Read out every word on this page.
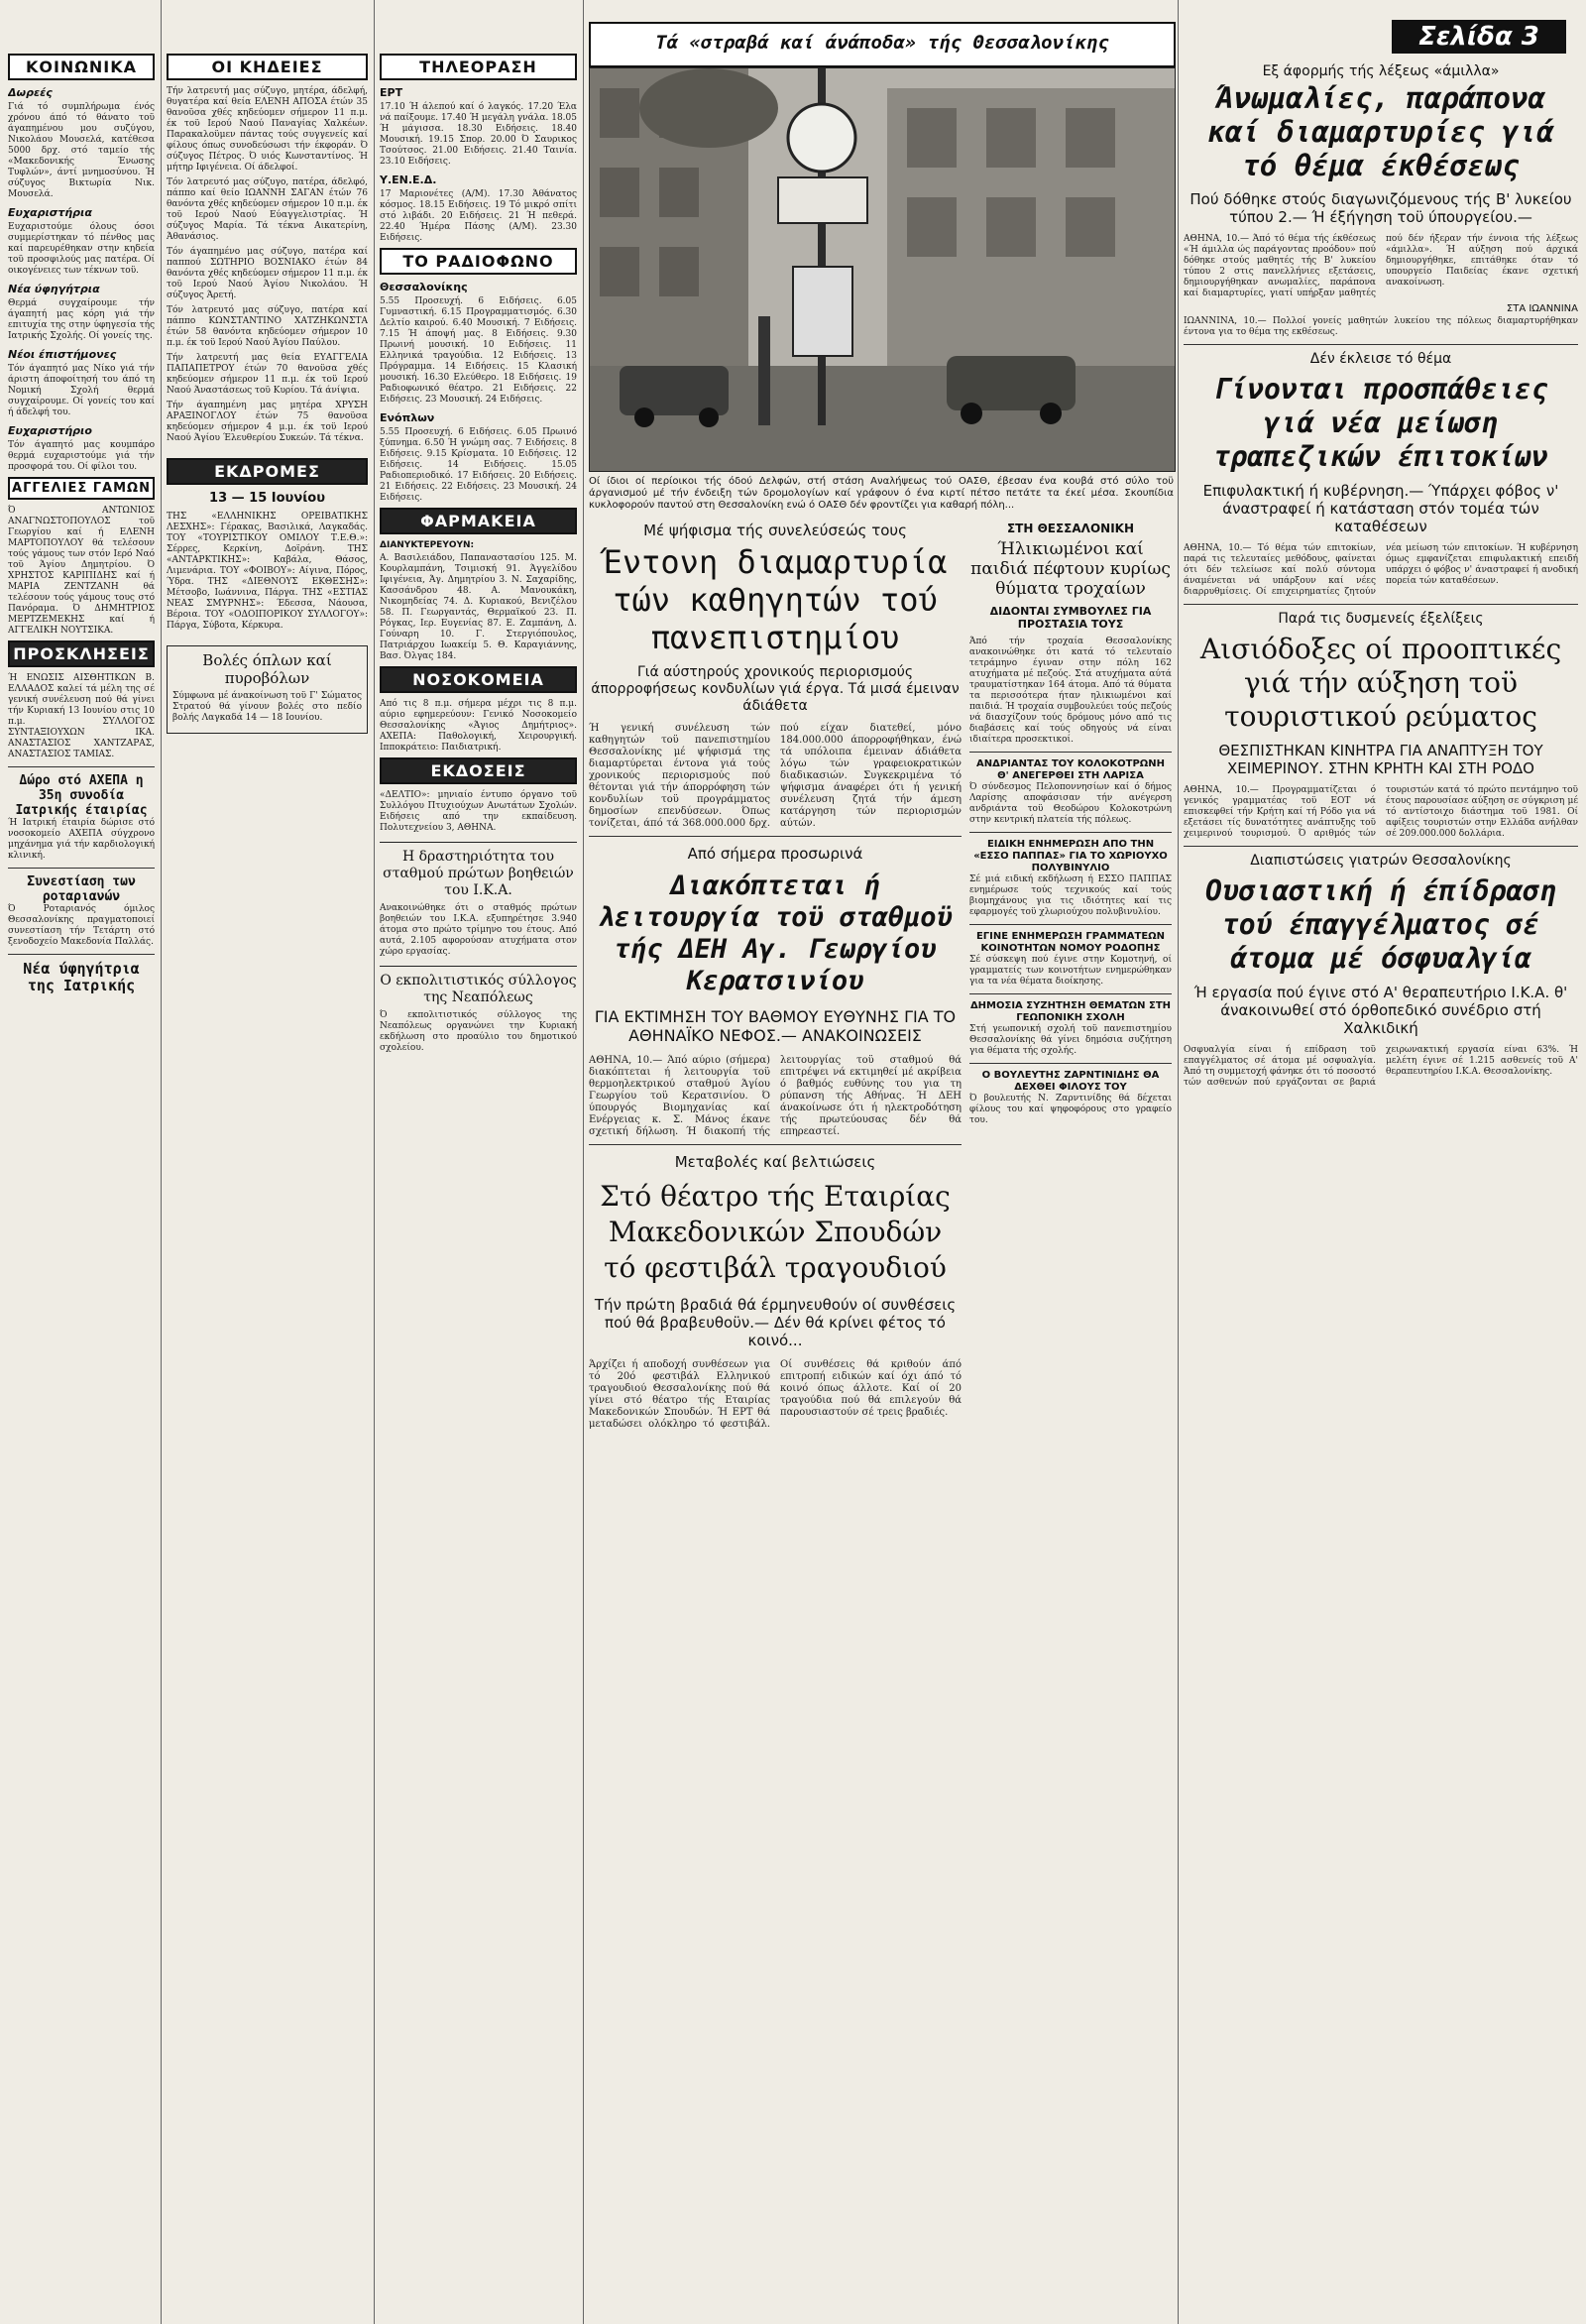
Σελίδα 3
ΚΟΙΝΩΝΙΚΑ
Δωρεές

Γιά τό συμπλήρωμα ένός χρόνου άπό τό θάνατο τοϋ άγαπημένου μου συζύγου, Νικολάου Μουσελά, κατέθεσα 5000 δρχ. στό ταμείο τής «Μακεδονικής Ένωσης Τυφλών», άντί μνημοσύνου. Ή σύζυγος Βικτωρία Νικ. Μουσελά.

Ευχαριστήρια

Ευχαριστούμε όλους όσοι συμμερίστηκαν τό πένθος μας καί παρευρέθηκαν στην κηδεία τοϋ προσφιλούς μας πατέρα. Οί οικογένειες των τέκνων τοϋ.

Νέα ύφηγήτρια

Θερμά συγχαίρουμε τήν άγαπητή μας κόρη γιά τήν επιτυχία της στην ύφηγεσία τής Ιατρικής Σχολής. Οί γονείς της.

Νέοι έπιστήμονες

Τόν άγαπητό μας Νίκο γιά τήν άριστη άποφοίτησή του άπό τη Νομική Σχολή θερμά συγχαίρουμε. Οί γονείς του καί ή άδελφή του.

Ευχαριστήριο

Τόν άγαπητό μας κουμπάρο θερμά ευχαριστούμε γιά τήν προσφορά του. Οί φίλοι του.

ΑΓΓΕΛΙΕΣ ΓΑΜΩΝ

Ό ΑΝΤΩΝΙΟΣ ΑΝΑΓΝΩΣΤΟΠΟΥΛΟΣ τοϋ Γεωργίου καί ή ΕΛΕΝΗ ΜΑΡΤΟΠΟΥΛΟΥ θά τελέσουν τούς γάμους των στόν Ιερό Ναό τοϋ Άγίου Δημητρίου. Ό ΧΡΗΣΤΟΣ ΚΑΡΙΠΙΔΗΣ καί ή ΜΑΡΙΑ ΖΕΝΤΖΑΝΗ θά τελέσουν τούς γάμους τους στό Πανόραμα. Ό ΔΗΜΗΤΡΙΟΣ ΜΕΡΤΖΕΜΕΚΗΣ καί ή ΑΓΓΕΛΙΚΗ ΝΟΥΤΣΙΚΑ.

ΠΡΟΣΚΛΗΣΕΙΣ

Ή ΕΝΩΣΙΣ ΑΙΣΘΗΤΙΚΩΝ Β. ΕΛΛΑΔΟΣ καλεί τά μέλη της σέ γενική συνέλευση πού θά γίνει τήν Κυριακή 13 Ιουνίου στις 10 π.μ. ΣΥΛΛΟΓΟΣ ΣΥΝΤΑΞΙΟΥΧΩΝ ΙΚΑ. ΑΝΑΣΤΑΣΙΟΣ ΧΑΝΤΖΑΡΑΣ, ΑΝΑΣΤΑΣΙΟΣ ΤΑΜΙΑΣ.

Δώρο στό ΑΧΕΠΑ η 35η συνοδία Ιατρικής έταιρίας

Ή Ιατρική έταιρία δώρισε στό νοσοκομείο ΑΧΕΠΑ σύγχρονο μηχάνημα γιά τήν καρδιολογική κλινική.

Συνεστίαση των ροταριανών

Ό Ροταριανός όμιλος Θεσσαλονίκης πραγματοποιεί συνεστίαση τήν Τετάρτη στό ξενοδοχείο Μακεδονία Παλλάς.

Νέα ύφηγήτρια της Ιατρικής
ΟΙ ΚΗΔΕΙΕΣ

Τήν λατρευτή μας σύζυγο, μητέρα, άδελφή, θυγατέρα καί θεία ΕΛΕΝΗ ΑΠΟΣΑ έτών 35 θανοϋσα χθές κηδεύομεν σήμερον 11 π.μ. έκ τοϋ Ιερού Ναού Παναγίας Χαλκέων. Παρακαλοϋμεν πάντας τούς συγγενείς καί φίλους όπως συνοδεύσωσι τήν έκφοράν. Ό σύζυγος Πέτρος. Ό υιός Κωνσταντίνος. Ή μήτηρ Ιφιγένεια. Οί άδελφοί.

Τόν λατρευτό μας σύζυγο, πατέρα, άδελφό, πάππο καί θείο ΙΩΑΝΝΗ ΣΑΓΑΝ έτών 76 θανόντα χθές κηδεύομεν σήμερον 10 π.μ. έκ τοϋ Ιερού Ναού Εύαγγελιστρίας. Ή σύζυγος Μαρία. Τά τέκνα Αικατερίνη, Άθανάσιος.

Τόν άγαπημένο μας σύζυγο, πατέρα καί παππού ΣΩΤΗΡΙΟ ΒΟΣΝΙΑΚΟ έτών 84 θανόντα χθές κηδεύομεν σήμερον 11 π.μ. έκ τοϋ Ιερού Ναού Άγίου Νικολάου. Ή σύζυγος Άρετή.

Τόν λατρευτό μας σύζυγο, πατέρα καί πάππο ΚΩΝΣΤΑΝΤΙΝΟ ΧΑΤΖΗΚΩΝΣΤΑ έτών 58 θανόντα κηδεύομεν σήμερον 10 π.μ. έκ τοϋ Ιερού Ναού Άγίου Παύλου.

Τήν λατρευτή μας θεία ΕΥΑΓΓΕΛΙΑ ΠΑΠΑΠΕΤΡΟΥ έτών 70 θανοϋσα χθές κηδεύομεν σήμερον 11 π.μ. έκ τοϋ Ιερού Ναού Άναστάσεως τοϋ Κυρίου. Τά άνίψια.

Τήν άγαπημένη μας μητέρα ΧΡΥΣΗ ΑΡΑΞΙΝΟΓΛΟΥ έτών 75 θανοϋσα κηδεύομεν σήμερον 4 μ.μ. έκ τοϋ Ιερού Ναού Άγίου Έλευθερίου Συκεών. Τά τέκνα.

ΕΚΔΡΟΜΕΣ
13 — 15 Ιουνίου

ΤΗΣ «ΕΛΛΗΝΙΚΗΣ ΟΡΕΙΒΑΤΙΚΗΣ ΛΕΣΧΗΣ»: Γέρακας, Βασιλικά, Λαγκαδάς. ΤΟΥ «ΤΟΥΡΙΣΤΙΚΟΥ ΟΜΙΛΟΥ Τ.Ε.Θ.»: Σέρρες, Κερκίνη, Δοϊράνη. ΤΗΣ «ΑΝΤΑΡΚΤΙΚΗΣ»: Καβάλα, Θάσος, Λιμενάρια. ΤΟΥ «ΦΟΙΒΟΥ»: Αίγινα, Πόρος, Ύδρα. ΤΗΣ «ΔΙΕΘΝΟΥΣ ΕΚΘΕΣΗΣ»: Μέτσοβο, Ιωάννινα, Πάργα. ΤΗΣ «ΕΣΤΙΑΣ ΝΕΑΣ ΣΜΥΡΝΗΣ»: Έδεσσα, Νάουσα, Βέροια. ΤΟΥ «ΟΔΟΙΠΟΡΙΚΟΥ ΣΥΛΛΟΓΟΥ»: Πάργα, Σύβοτα, Κέρκυρα.

Βολές όπλων καί πυροβόλων

Σύμφωνα μέ άνακοίνωση τοϋ Γ' Σώματος Στρατού θά γίνουν βολές στο πεδίο βολής Λαγκαδά 14 — 18 Ιουνίου.

ΤΗΛΕΟΡΑΣΗ
ΕΡΤ

17.10 Ή άλεπού καί ό λαγκός. 17.20 Έλα νά παίξουμε. 17.40 Ή μεγάλη γνάλα. 18.05 Ή μάγισσα. 18.30 Ειδήσεις. 18.40 Μουσική. 19.15 Σπορ. 20.00 Ό Σαυρικος Τσούτσος. 21.00 Ειδήσεις. 21.40 Ταινία. 23.10 Ειδήσεις.

Υ.ΕΝ.Ε.Δ.

17 Μαριονέτες (Α/Μ). 17.30 Άθάνατος κόσμος. 18.15 Ειδήσεις. 19 Τό μικρό σπίτι στό λιβάδι. 20 Ειδήσεις. 21 Ή πεθερά. 22.40 Ήμέρα Πάσης (Α/Μ). 23.30 Ειδήσεις.

ΤΟ ΡΑΔΙΟΦΩΝΟ
Θεσσαλονίκης

5.55 Προσευχή. 6 Ειδήσεις. 6.05 Γυμναστική. 6.15 Προγραμματισμός. 6.30 Δελτίο καιρού. 6.40 Μουσική. 7 Ειδήσεις. 7.15 Ή άποψή μας. 8 Ειδήσεις. 9.30 Πρωινή μουσική. 10 Ειδήσεις. 11 Ελληνικά τραγούδια. 12 Ειδήσεις. 13 Πρόγραμμα. 14 Ειδήσεις. 15 Κλασική μουσική. 16.30 Ελεύθερο. 18 Ειδήσεις. 19 Ραδιοφωνικό θέατρο. 21 Ειδήσεις. 22 Ειδήσεις. 23 Μουσική. 24 Ειδήσεις.

Ενόπλων

5.55 Προσευχή. 6 Ειδήσεις. 6.05 Πρωινό ξύπνημα. 6.50 Ή γνώμη σας. 7 Ειδήσεις. 8 Ειδήσεις. 9.15 Κρίσματα. 10 Ειδήσεις. 12 Ειδήσεις. 14 Ειδήσεις. 15.05 Ραδιοπεριοδικό. 17 Ειδήσεις. 20 Ειδήσεις. 21 Ειδήσεις. 22 Ειδήσεις. 23 Μουσική. 24 Ειδήσεις.

ΦΑΡΜΑΚΕΙΑ
ΔΙΑΝΥΚΤΕΡΕΥΟΥΝ:

Α. Βασιλειάδου, Παπαναστασίου 125. Μ. Κουρλαμπάνη, Τσιμισκή 91. Άγγελίδου Ιφιγένεια, Άγ. Δημητρίου 3. Ν. Σαχαρίδης, Κασσάνδρου 48. Α. Μανουκάκη, Νικομηδείας 74. Δ. Κυριακού, Βενιζέλου 58. Π. Γεωργαντάς, Θερμαϊκού 23. Π. Ρόγκας, Ιερ. Ευγενίας 87. Ε. Ζαμπάνη, Δ. Γούναρη 10. Γ. Στεργιόπουλος, Πατριάρχου Ιωακείμ 5. Θ. Καραγιάννης, Βασ. Όλγας 184.

ΝΟΣΟΚΟΜΕΙΑ

Από τις 8 π.μ. σήμερα μέχρι τις 8 π.μ. αύριο εφημερεύουν: Γενικό Νοσοκομείο Θεσσαλονίκης «Άγιος Δημήτριος». ΑΧΕΠΑ: Παθολογική, Χειρουργική. Ιπποκράτειο: Παιδιατρική.

ΕΚΔΟΣΕΙΣ

«ΔΕΛΤΙΟ»: μηνιαίο έντυπο όργανο τοϋ Συλλόγου Πτυχιούχων Ανωτάτων Σχολών. Ειδήσεις από την εκπαίδευση. Πολυτεχνείου 3, ΑΘΗΝΑ.

Η δραστηριότητα του σταθμού πρώτων βοηθειών του Ι.Κ.Α.

Ανακοινώθηκε ότι ο σταθμός πρώτων βοηθειών του Ι.Κ.Α. εξυπηρέτησε 3.940 άτομα στο πρώτο τρίμηνο του έτους. Από αυτά, 2.105 αφορούσαν ατυχήματα στον χώρο εργασίας.

Ο εκπολιτιστικός σύλλογος της Νεαπόλεως

Ό εκπολιτιστικός σύλλογος της Νεαπόλεως οργανώνει την Κυριακή εκδήλωση στο προαύλιο του δημοτικού σχολείου.

Τά «στραβά καί άνάποδα» τής Θεσσαλονίκης
Οί ίδιοι οί περίοικοι τής όδού Δελφών, στή στάση Αναλήψεως τού ΟΑΣΘ, έβεσαν ένα κουβά στό σύλο τοϋ άργανισμού μέ τήν ένδειξη τών δρομολογίων καί γράφουν ό ένα κιρτί πέτσο πετάτε τα έκεί μέσα. Σκουπίδια κυκλοφορούν παντού στη Θεσσαλονίκη ενώ ό ΟΑΣΘ δέν φροντίζει για καθαρή πόλη...
Μέ ψήφισμα τής συνελεύσεώς τους
Έντονη διαμαρτυρία τών καθηγητών τού πανεπιστημίου
Γιά αύστηρούς χρονικούς περιορισμούς άπορροφήσεως κονδυλίων γιά έργα. Τά μισά έμειναν άδιάθετα

Ή γενική συνέλευση τών καθηγητών τοϋ πανεπιστημίου Θεσσαλονίκης μέ ψήφισμά της διαμαρτύρεται έντονα γιά τούς χρονικούς περιορισμούς πού θέτονται γιά τήν άπορρόφηση τών κονδυλίων τοϋ προγράμματος δημοσίων επενδύσεων. Όπως τονίζεται, άπό τά 368.000.000 δρχ. πού είχαν διατεθεί, μόνο 184.000.000 άπορροφήθηκαν, ένώ τά υπόλοιπα έμειναν άδιάθετα λόγω τών γραφειοκρατικών διαδικασιών. Συγκεκριμένα τό ψήφισμα άναφέρει ότι ή γενική συνέλευση ζητά τήν άμεση κατάργηση τών περιορισμών αύτών.

Από σήμερα προσωρινά
Διακόπτεται ή λειτουργία τοϋ σταθμοϋ τής ΔΕΗ Αγ. Γεωργίου Κερατσινίου
ΓΙΑ ΕΚΤΙΜΗΣΗ ΤΟΥ ΒΑΘΜΟΥ ΕΥΘΥΝΗΣ ΓΙΑ ΤΟ ΑΘΗΝΑΪΚΟ ΝΕΦΟΣ.— ΑΝΑΚΟΙΝΩΣΕΙΣ

ΑΘΗΝΑ, 10.— Άπό αύριο (σήμερα) διακόπτεται ή λειτουργία τοϋ θερμοηλεκτρικού σταθμού Άγίου Γεωργίου τοϋ Κερατσινίου. Ό ύπουργός Βιομηχανίας καί Ενέργειας κ. Σ. Μάνος έκανε σχετική δήλωση. Ή διακοπή τής λειτουργίας τοϋ σταθμού θά επιτρέψει νά εκτιμηθεί μέ ακρίβεια ό βαθμός ευθύνης του για τη ρύπανση τής Αθήνας. Ή ΔΕΗ άνακοίνωσε ότι ή ηλεκτροδότηση τής πρωτεύουσας δέν θά επηρεαστεί.

Μεταβολές καί βελτιώσεις
Στό θέατρο τής Εταιρίας Μακεδονικών Σπουδών τό φεστιβάλ τραγουδιού
Τήν πρώτη βραδιά θά έρμηνευθούν οί συνθέσεις πού θά βραβευθοϋν.— Δέν θά κρίνει φέτος τό κοινό...

Άρχίζει ή αποδοχή συνθέσεων για τό 20ό φεστιβάλ Ελληνικού τραγουδιού Θεσσαλονίκης πού θά γίνει στό θέατρο τής Εταιρίας Μακεδονικών Σπουδών. Ή ΕΡΤ θά μεταδώσει ολόκληρο τό φεστιβάλ. Οί συνθέσεις θά κριθούν άπό επιτροπή ειδικών καί όχι άπό τό κοινό όπως άλλοτε. Καί οί 20 τραγούδια πού θά επιλεγούν θά παρουσιαστούν σέ τρεις βραδιές.

ΣΤΗ ΘΕΣΣΑΛΟΝΙΚΗ
Ήλικιωμένοι καί παιδιά πέφτουν κυρίως θύματα τροχαίων
ΔΙΔΟΝΤΑΙ ΣΥΜΒΟΥΛΕΣ ΓΙΑ ΠΡΟΣΤΑΣΙΑ ΤΟΥΣ

Άπό τήν τροχαία Θεσσαλονίκης ανακοινώθηκε ότι κατά τό τελευταίο τετράμηνο έγιναν στην πόλη 162 ατυχήματα μέ πεζούς. Στά ατυχήματα αύτά τραυματίστηκαν 164 άτομα. Από τά θύματα τα περισσότερα ήταν ηλικιωμένοι καί παιδιά. Ή τροχαία συμβουλεύει τούς πεζούς νά διασχίζουν τούς δρόμους μόνο από τις διαβάσεις καί τούς οδηγούς νά είναι ιδιαίτερα προσεκτικοί.

ΑΝΔΡΙΑΝΤΑΣ ΤΟΥ ΚΟΛΟΚΟΤΡΩΝΗ Θ' ΑΝΕΓΕΡΘΕΙ ΣΤΗ ΛΑΡΙΣΑ

Ό σύνδεσμος Πελοποννησίων καί ό δήμος Λαρίσης αποφάσισαν τήν ανέγερση ανδριάντα τοϋ Θεοδώρου Κολοκοτρώνη στην κεντρική πλατεία τής πόλεως.

ΕΙΔΙΚΗ ΕΝΗΜΕΡΩΣΗ ΑΠΟ ΤΗΝ «ΕΣΣΟ ΠΑΠΠΑΣ» ΓΙΑ ΤΟ ΧΩΡΙΟΥΧΟ ΠΟΛΥΒΙΝΥΛΙΟ

Σέ μιά ειδική εκδήλωση ή ΕΣΣΟ ΠΑΠΠΑΣ ενημέρωσε τούς τεχνικούς καί τούς βιομηχάνους για τις ιδιότητες καί τις εφαρμογές τοϋ χλωριούχου πολυβινυλίου.

ΕΓΙΝΕ ΕΝΗΜΕΡΩΣΗ ΓΡΑΜΜΑΤΕΩΝ ΚΟΙΝΟΤΗΤΩΝ ΝΟΜΟΥ ΡΟΔΟΠΗΣ

Σέ σύσκεψη πού έγινε στην Κομοτηνή, οί γραμματείς των κοινοτήτων ενημερώθηκαν για τα νέα θέματα διοίκησης.

ΔΗΜΟΣΙΑ ΣΥΖΗΤΗΣΗ ΘΕΜΑΤΩΝ ΣΤΗ ΓΕΩΠΟΝΙΚΗ ΣΧΟΛΗ

Στή γεωπονική σχολή τοϋ πανεπιστημίου Θεσσαλονίκης θά γίνει δημόσια συζήτηση για θέματα τής σχολής.

Ο ΒΟΥΛΕΥΤΗΣ ΖΑΡΝΤΙΝΙΔΗΣ ΘΑ ΔΕΧΘΕΙ ΦΙΛΟΥΣ ΤΟΥ

Ό βουλευτής Ν. Ζαρντινίδης θά δέχεται φίλους του καί ψηφοφόρους στο γραφείο του.

Εξ άφορμής τής λέξεως «άμιλλα»
Άνωμαλίες, παράπονα καί διαμαρτυρίες γιά τό θέμα έκθέσεως
Πού δόθηκε στούς διαγωνιζόμενους τής Β' λυκείου τύπου 2.— Ή έξήγηση τοϋ ύπουργείου.—

ΑΘΗΝΑ, 10.— Άπό τό θέμα τής έκθέσεως «Ή άμιλλα ώς παράγοντας προόδου» πού δόθηκε στούς μαθητές τής Β' λυκείου τύπου 2 στις πανελλήνιες εξετάσεις, δημιουργήθηκαν ανωμαλίες, παράπονα καί διαμαρτυρίες, γιατί υπήρξαν μαθητές πού δέν ήξεραν τήν έννοια τής λέξεως «άμιλλα». Ή αύξηση πού άρχικά δημιουργήθηκε, επιτάθηκε όταν τό υπουργείο Παιδείας έκανε σχετική ανακοίνωση.

ΣΤΑ ΙΩΑΝΝΙΝΑ

ΙΩΑΝΝΙΝΑ, 10.— Πολλοί γονείς μαθητών λυκείου της πόλεως διαμαρτυρήθηκαν έντονα για το θέμα της εκθέσεως.

Δέν έκλεισε τό θέμα
Γίνονται προσπάθειες γιά νέα μείωση τραπεζικών έπιτοκίων
Επιφυλακτική ή κυβέρνηση.— Ύπάρχει φόβος ν' άναστραφεί ή κατάσταση στόν τομέα τών καταθέσεων

ΑΘΗΝΑ, 10.— Τό θέμα τών επιτοκίων, παρά τις τελευταίες μεθόδους, φαίνεται ότι δέν τελείωσε καί πολύ σύντομα άναμένεται νά υπάρξουν καί νέες διαρρυθμίσεις. Οί επιχειρηματίες ζητούν νέα μείωση τών επιτοκίων. Ή κυβέρνηση όμως εμφανίζεται επιφυλακτική επειδή υπάρχει ό φόβος ν' άναστραφεί ή ανοδική πορεία τών καταθέσεων.

Παρά τις δυσμενείς έξελίξεις
Αισιόδοξες οί προοπτικές γιά τήν αύξηση τοϋ τουριστικού ρεύματος
ΘΕΣΠΙΣΤΗΚΑΝ ΚΙΝΗΤΡΑ ΓΙΑ ΑΝΑΠΤΥΞΗ ΤΟΥ ΧΕΙΜΕΡΙΝΟΥ. ΣΤΗΝ ΚΡΗΤΗ ΚΑΙ ΣΤΗ ΡΟΔΟ

ΑΘΗΝΑ, 10.— Προγραμματίζεται ό γενικός γραμματέας τοϋ ΕΟΤ νά επισκεφθεί τήν Κρήτη καί τή Ρόδο για νά εξετάσει τίς δυνατότητες ανάπτυξης τοϋ χειμερινού τουρισμού. Ό αριθμός τών τουριστών κατά τό πρώτο πεντάμηνο τοϋ έτους παρουσίασε αύξηση σε σύγκριση μέ τό αντίστοιχο διάστημα τοϋ 1981. Οί αφίξεις τουριστών στην Ελλάδα ανήλθαν σέ 209.000.000 δολλάρια.

Διαπιστώσεις γιατρών Θεσσαλονίκης
Ουσιαστική ή έπίδραση τού έπαγγέλματος σέ άτομα μέ όσφυαλγία
Ή εργασία πού έγινε στό Α' θεραπευτήριο Ι.Κ.Α. θ' άνακοινωθεί στό όρθοπεδικό συνέδριο στή Χαλκιδική

Οσφυαλγία είναι ή επίδραση τοϋ επαγγέλματος σέ άτομα μέ οσφυαλγία. Άπό τη συμμετοχή φάνηκε ότι τό ποσοστό τών ασθενών πού εργάζονται σε βαριά χειρωνακτική εργασία είναι 63%. Ή μελέτη έγινε σέ 1.215 ασθενείς τοϋ Α' θεραπευτηρίου Ι.Κ.Α. Θεσσαλονίκης.
